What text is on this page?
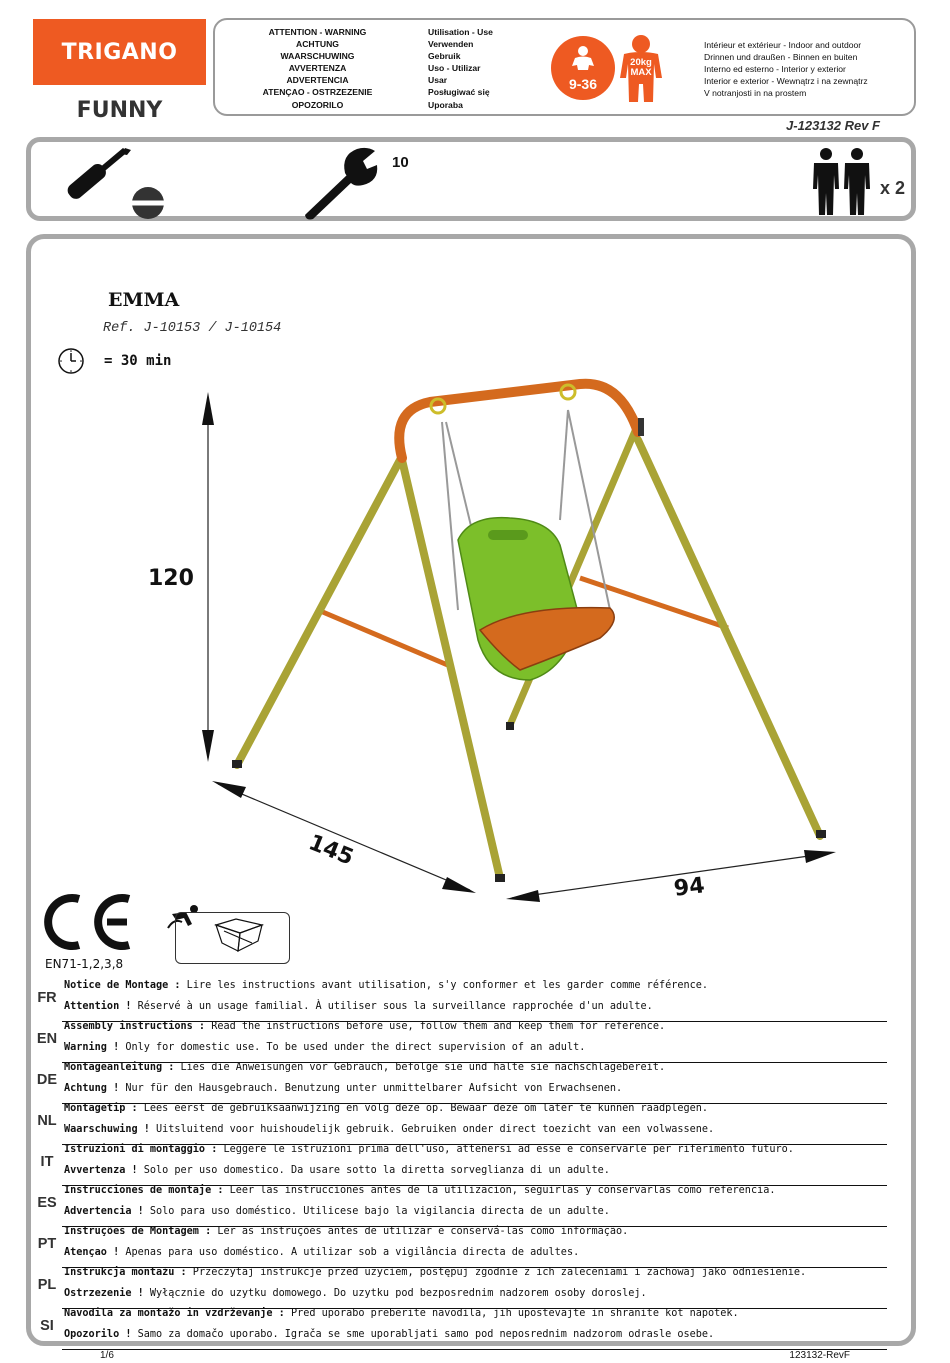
TRIGANO
FUNNY
ATTENTION - WARNING
ACHTUNG
WAARSCHUWING
AVVERTENZA
ADVERTENCIA
ATENÇAO - OSTRZEZENIE
OPOZORILO
Utilisation - Use
Verwenden
Gebruik
Uso - Utilizar
Usar
Posługiwać się
Uporaba
9-36
20kg
MAX
Intérieur et extérieur - Indoor and outdoor
Drinnen und draußen - Binnen en buiten
Interno ed esterno - Interior y exterior
Interior e exterior - Wewnątrz i na zewnątrz
V notranjosti in na prostem
J-123132 Rev F
10
x 2
EMMA
Ref. J-10153 / J-10154
= 30 min
120
145
94
EN71-1,2,3,8
FR
Notice de Montage : Lire les instructions avant utilisation, s'y conformer et les garder comme référence.
Attention ! Réservé à un usage familial. À utiliser sous la surveillance rapprochée d'un adulte.
EN
Assembly instructions : Read the instructions before use, follow them and keep them for reference.
Warning ! Only for domestic use. To be used under the direct supervision of an adult.
DE
Montageanleitung : Lies die Anweisungen vor Gebrauch, befolge sie und halte sie nachschlagebereit.
Achtung ! Nur für den Hausgebrauch. Benutzung unter unmittelbarer Aufsicht von Erwachsenen.
NL
Montagetip : Lees eerst de gebruiksaanwijzing en volg deze op. Bewaar deze om later te kunnen raadplegen.
Waarschuwing ! Uitsluitend voor huishoudelijk gebruik. Gebruiken onder direct toezicht van een volwassene.
IT
Istruzioni di montaggio : Leggere le istruzioni prima dell'uso, attenersi ad esse e conservarle per riferimento futuro.
Avvertenza ! Solo per uso domestico. Da usare sotto la diretta sorveglianza di un adulte.
ES
Instrucciones de montaje : Leer las instrucciones antes de la utilizacion, seguirlas y conservarlas como referencia.
Advertencia ! Solo para uso doméstico. Utilicese bajo la vigilancia directa de un adulte.
PT
Instruções de Montagem : Ler as instruções antes de utilizar e conservá-las como informação.
Atençao ! Apenas para uso doméstico. A utilizar sob a vigilância directa de adultes.
PL
Instrukcja montażu : Przeczytaj instrukcje przed uzyciem, postępuj zgodnie z ich zaleceniami i zachowaj jako odniesienie.
Ostrzezenie ! Wyłącznie do uzytku domowego. Do uzytku pod bezposrednim nadzorem osoby doroslej.
SI
Navodila za montažo in vzdrževanje : Pred uporabo preberite navodila, jih upostevajte in shranite kot napotek.
Opozorilo ! Samo za domačo uporabo. Igrača se sme uporabljati samo pod neposrednim nadzorom odrasle osebe.
1/6	123132-RevF
